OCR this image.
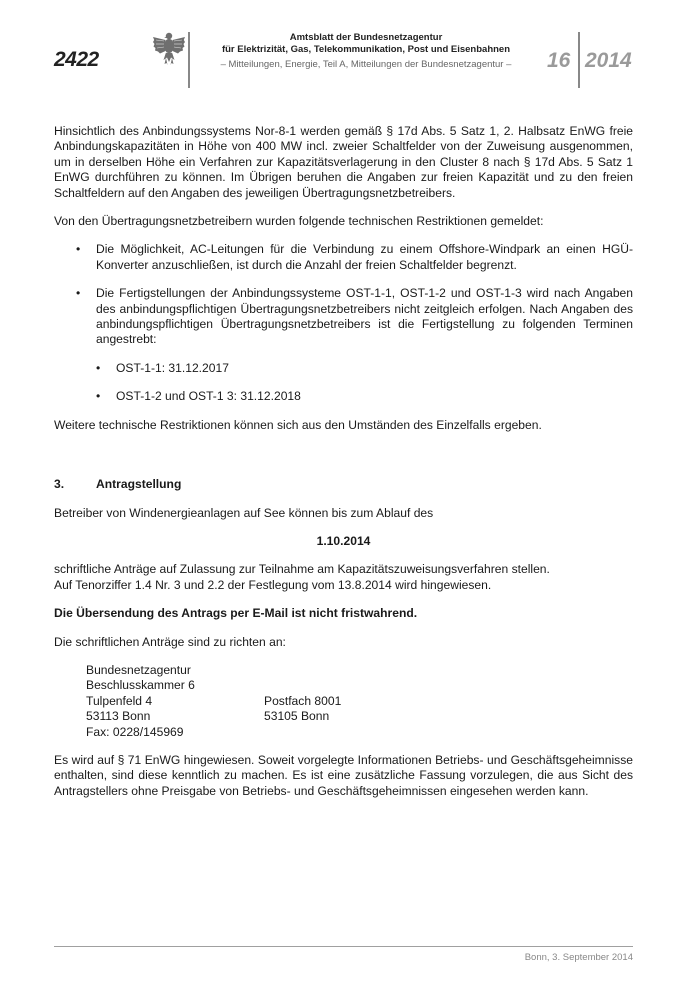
2422
Amtsblatt der Bundesnetzagentur
für Elektrizität, Gas, Telekommunikation, Post und Eisenbahnen
– Mitteilungen, Energie, Teil A, Mitteilungen der Bundesnetzagentur –	16 2014

Hinsichtlich des Anbindungssystems Nor-8-1 werden gemäß § 17d Abs. 5 Satz 1, 2. Halbsatz EnWG freie Anbindungskapazitäten in Höhe von 400 MW incl. zweier Schaltfelder von der Zuweisung ausgenommen, um in derselben Höhe ein Verfahren zur Kapazitätsverlagerung in den Cluster 8 nach § 17d Abs. 5 Satz 1 EnWG durchführen zu können. Im Übrigen beruhen die Angaben zur freien Kapazität und zu den freien Schaltfeldern auf den Angaben des jeweiligen Übertragungsnetzbetreibers.

Von den Übertragungsnetzbetreibern wurden folgende technischen Restriktionen gemeldet:

• Die Möglichkeit, AC-Leitungen für die Verbindung zu einem Offshore-Windpark an einen HGÜ-Konverter anzuschließen, ist durch die Anzahl der freien Schaltfelder begrenzt.
• Die Fertigstellungen der Anbindungssysteme OST-1-1, OST-1-2 und OST-1-3 wird nach Angaben des anbindungspflichtigen Übertragungsnetzbetreibers nicht zeitgleich erfolgen. Nach Angaben des anbindungspflichtigen Übertragungsnetzbetreibers ist die Fertigstellung zu folgenden Terminen angestrebt:
• OST-1-1: 31.12.2017
• OST-1-2 und OST-1 3: 31.12.2018

Weitere technische Restriktionen können sich aus den Umständen des Einzelfalls ergeben.

3.	Antragstellung

Betreiber von Windenergieanlagen auf See können bis zum Ablauf des

1.10.2014

schriftliche Anträge auf Zulassung zur Teilnahme am Kapazitätszuweisungsverfahren stellen.

Auf Tenorziffer 1.4 Nr. 3 und 2.2 der Festlegung vom 13.8.2014 wird hingewiesen.

Die Übersendung des Antrags per E-Mail ist nicht fristwahrend.

Die schriftlichen Anträge sind zu richten an:

Bundesnetzagentur
Beschlusskammer 6
Tulpenfeld 4	Postfach 8001
53113 Bonn	53105 Bonn
Fax: 0228/145969

Es wird auf § 71 EnWG hingewiesen. Soweit vorgelegte Informationen Betriebs- und Geschäftsgeheimnisse enthalten, sind diese kenntlich zu machen. Es ist eine zusätzliche Fassung vorzulegen, die aus Sicht des Antragstellers ohne Preisgabe von Betriebs- und Geschäftsgeheimnissen eingesehen werden kann.

Bonn, 3. September 2014
